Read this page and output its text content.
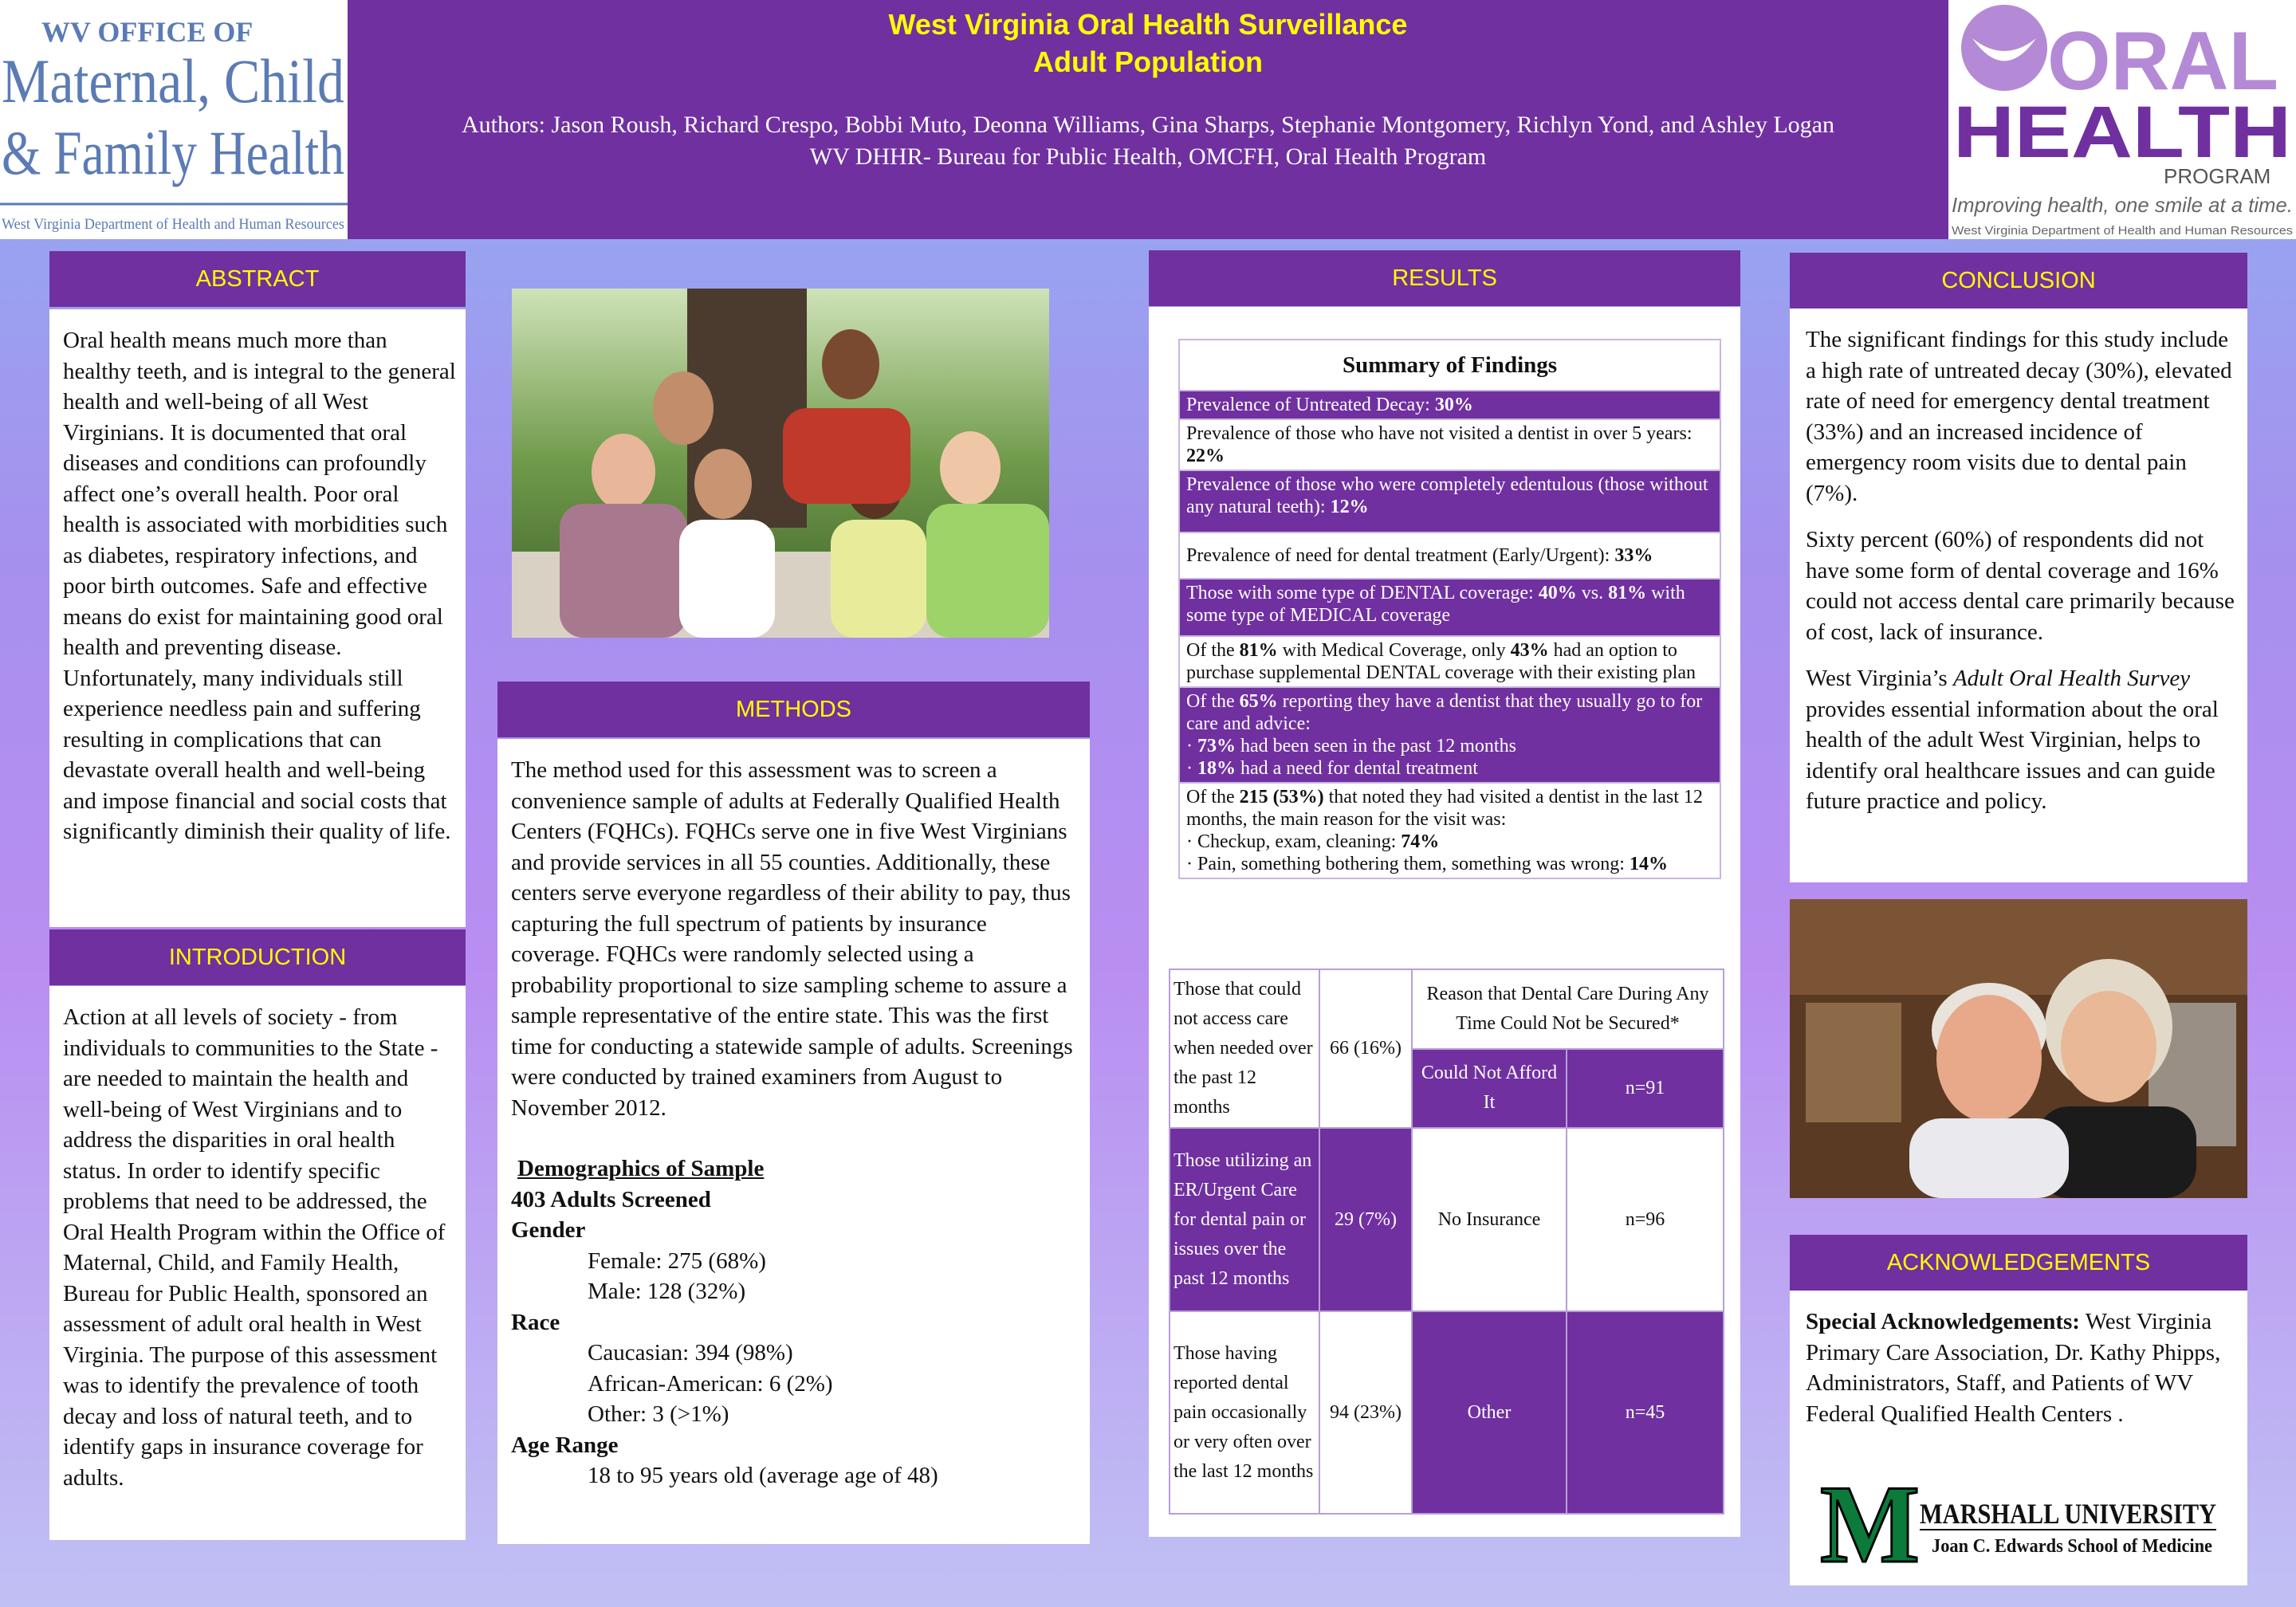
WV OFFICE OF
Maternal, Child
& Family Health
West Virginia Department of Health and Human Resources
West Virginia Oral Health Surveillance
Adult Population
Authors: Jason Roush, Richard Crespo, Bobbi Muto, Deonna Williams, Gina Sharps, Stephanie Montgomery, Richlyn Yond, and Ashley Logan
WV DHHR- Bureau for Public Health, OMCFH, Oral Health Program
ORAL
HEALTH
PROGRAM
Improving health, one smile at a time.
West Virginia Department of Health and Human Resources
ABSTRACT
Oral health means much more than healthy teeth, and is integral to the general health and well-being of all West Virginians. It is documented that oral diseases and conditions can profoundly affect one’s overall health. Poor oral health is associated with morbidities such as diabetes, respiratory infections, and poor birth outcomes. Safe and effective means do exist for maintaining good oral health and preventing disease. Unfortunately, many individuals still experience needless pain and suffering resulting in complications that can devastate overall health and well-being and impose financial and social costs that significantly diminish their quality of life.
INTRODUCTION
Action at all levels of society - from individuals to communities to the State - are needed to maintain the health and well-being of West Virginians and to address the disparities in oral health status. In order to identify specific problems that need to be addressed, the Oral Health Program within the Office of Maternal, Child, and Family Health, Bureau for Public Health, sponsored an assessment of adult oral health in West Virginia. The purpose of this assessment was to identify the prevalence of tooth decay and loss of natural teeth, and to identify gaps in insurance coverage for adults.
METHODS
The method used for this assessment was to screen a convenience sample of adults at Federally Qualified Health Centers (FQHCs). FQHCs serve one in five West Virginians and provide services in all 55 counties. Additionally, these centers serve everyone regardless of their ability to pay, thus capturing the full spectrum of patients by insurance coverage. FQHCs were randomly selected using a probability proportional to size sampling scheme to assure a sample representative of the entire state. This was the first time for conducting a statewide sample of adults. Screenings were conducted by trained examiners from August to November 2012.
Demographics of Sample
403 Adults Screened
Gender
Female: 275 (68%)
Male: 128 (32%)
Race
Caucasian: 394 (98%)
African-American: 6 (2%)
Other: 3 (>1%)
Age Range
18 to 95 years old (average age of 48)
RESULTS
Summary of Findings
Prevalence of Untreated Decay: 30%
Prevalence of those who have not visited a dentist in over 5 years: 22%
Prevalence of those who were completely edentulous (those without any natural teeth): 12%
Prevalence of need for dental treatment (Early/Urgent): 33%
Those with some type of DENTAL coverage: 40% vs. 81% with some type of MEDICAL coverage
Of the 81% with Medical Coverage, only 43% had an option to purchase supplemental DENTAL coverage with their existing plan
Of the 65% reporting they have a dentist that they usually go to for care and advice:
· 73% had been seen in the past 12 months
· 18% had a need for dental treatment
Of the 215 (53%) that noted they had visited a dentist in the last 12 months, the main reason for the visit was:
· Checkup, exam, cleaning: 74%
· Pain, something bothering them, something was wrong: 14%
Those that could not access care when needed over the past 12 months	66 (16%)	Reason that Dental Care During Any Time Could Not be Secured*	
		Could Not Afford It	n=91
Those utilizing an ER/Urgent Care for dental pain or issues over the past 12 months	29 (7%)	No Insurance	n=96
Those having reported dental pain occasionally or very often over the last 12 months	94 (23%)	Other	n=45
CONCLUSION

The significant findings for this study include a high rate of untreated decay (30%), elevated rate of need for emergency dental treatment (33%) and an increased incidence of emergency room visits due to dental pain (7%).

Sixty percent (60%) of respondents did not have some form of dental coverage and 16% could not access dental care primarily because of cost, lack of insurance.

West Virginia’s Adult Oral Health Survey provides essential information about the oral health of the adult West Virginian, helps to identify oral healthcare issues and can guide future practice and policy.

ACKNOWLEDGEMENTS
Special Acknowledgements: West Virginia Primary Care Association, Dr. Kathy Phipps, Administrators, Staff, and Patients of WV Federal Qualified Health Centers .
M MARSHALL UNIVERSITY
Joan C. Edwards School of Medicine
